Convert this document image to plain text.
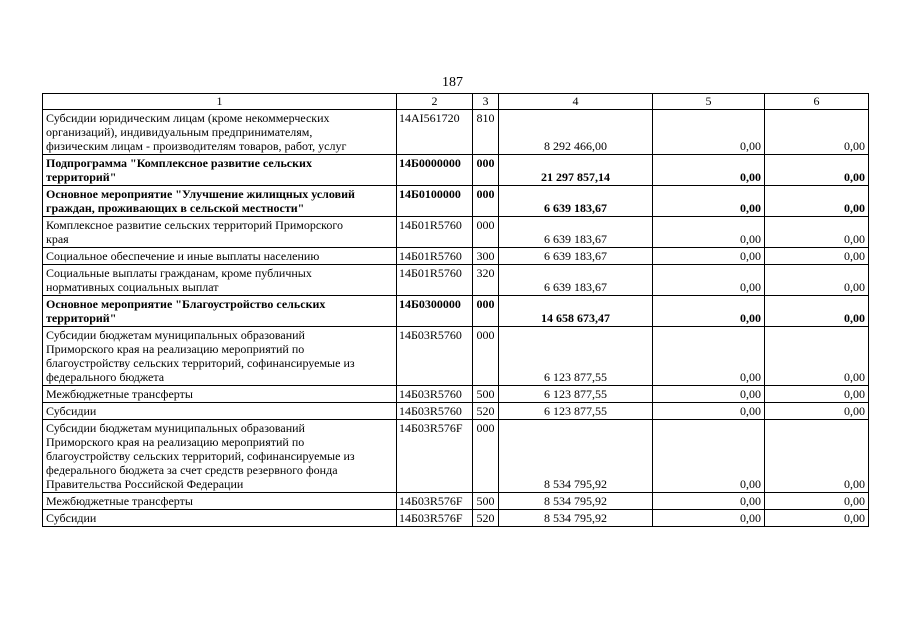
187
1	2	3	4	5	6

Субсидии юридическим лицам (кроме некоммерческих
организаций), индивидуальным предпринимателям,
физическим лицам - производителям товаров, работ, услуг	14AI561720	810	8 292 466,00	0,00	0,00

Подпрограмма "Комплексное развитие сельских
территорий"	14Б0000000	000	21 297 857,14	0,00	0,00

Основное мероприятие "Улучшение жилищных условий
граждан, проживающих в сельской местности"	14Б0100000	000	6 639 183,67	0,00	0,00

Комплексное развитие сельских территорий Приморского
края	14Б01R5760	000	6 639 183,67	0,00	0,00

Социальное обеспечение и иные выплаты населению	14Б01R5760	300	6 639 183,67	0,00	0,00

Социальные выплаты гражданам, кроме публичных
нормативных социальных выплат	14Б01R5760	320	6 639 183,67	0,00	0,00

Основное мероприятие "Благоустройство сельских
территорий"	14Б0300000	000	14 658 673,47	0,00	0,00

Субсидии бюджетам муниципальных образований
Приморского края на реализацию мероприятий по
благоустройству сельских территорий, софинансируемые из
федерального бюджета	14Б03R5760	000	6 123 877,55	0,00	0,00

Межбюджетные трансферты	14Б03R5760	500	6 123 877,55	0,00	0,00

Субсидии	14Б03R5760	520	6 123 877,55	0,00	0,00

Субсидии бюджетам муниципальных образований
Приморского края на реализацию мероприятий по
благоустройству сельских территорий, софинансируемые из
федерального бюджета за счет средств резервного фонда
Правительства Российской Федерации	14Б03R576F	000	8 534 795,92	0,00	0,00

Межбюджетные трансферты	14Б03R576F	500	8 534 795,92	0,00	0,00

Субсидии	14Б03R576F	520	8 534 795,92	0,00	0,00
